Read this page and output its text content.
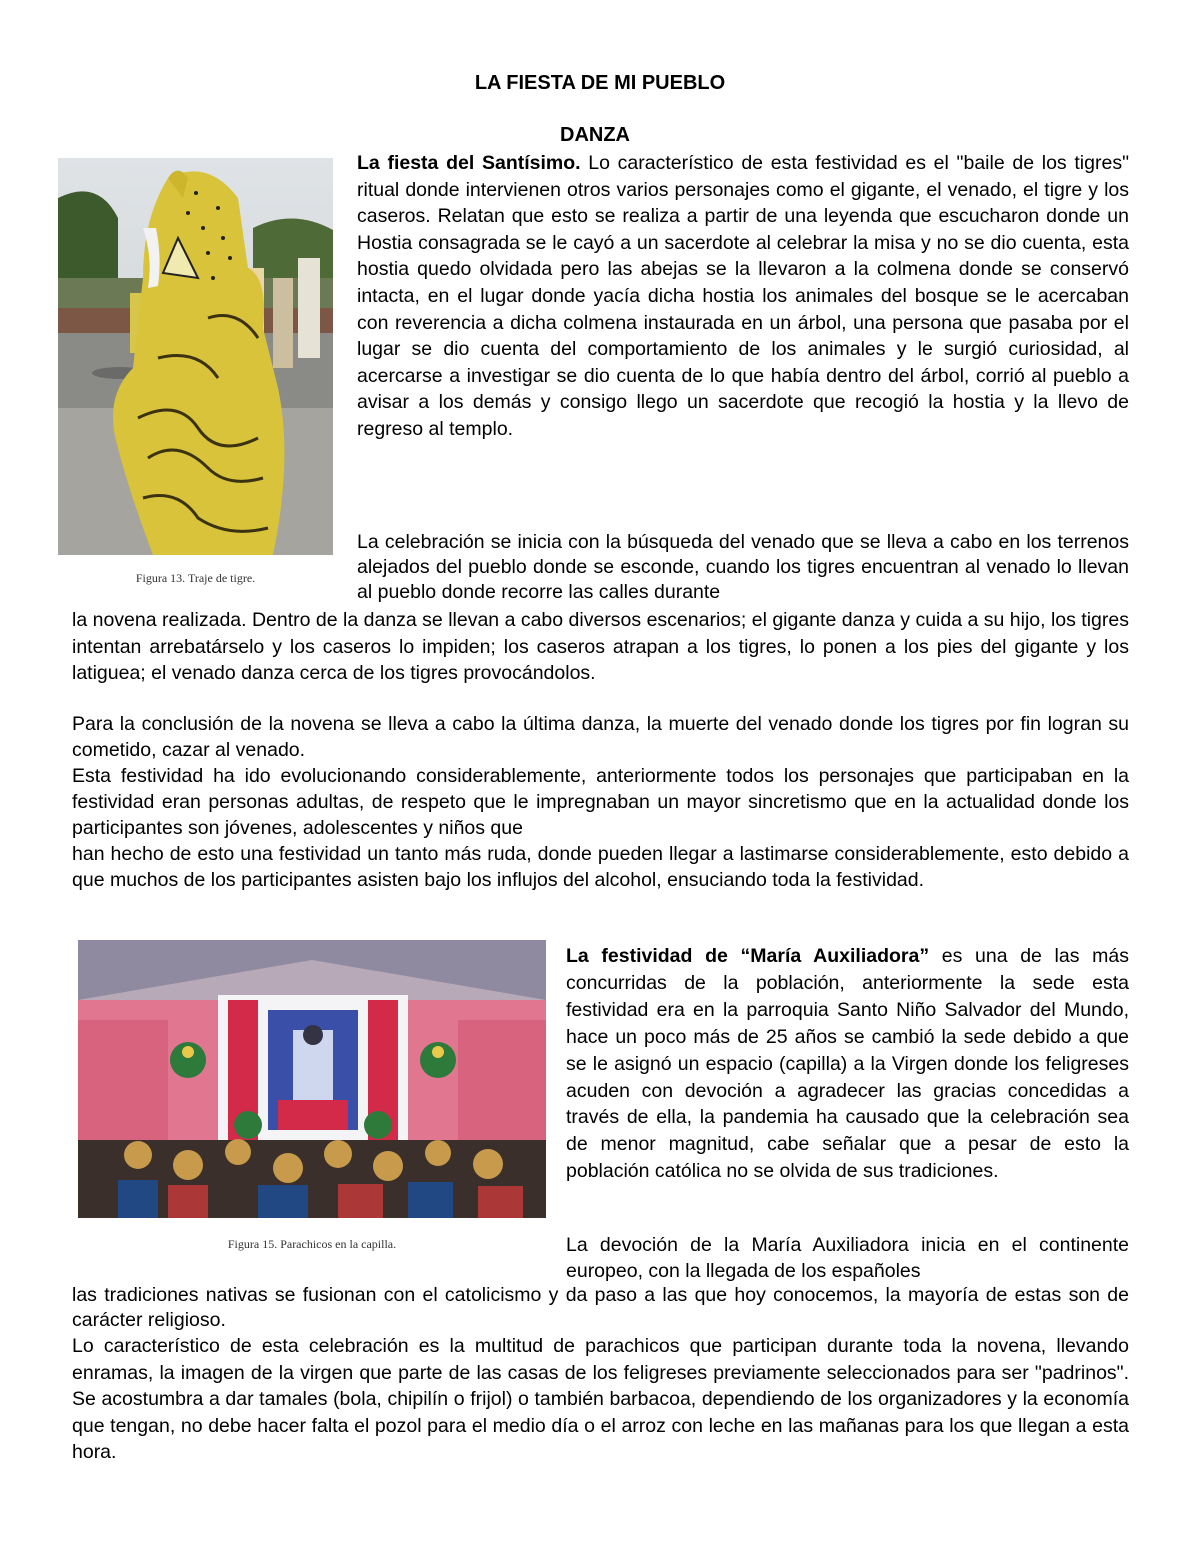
LA FIESTA DE MI PUEBLO
DANZA
Figura 13. Traje de tigre.

La fiesta del Santísimo. Lo característico de esta festividad es el "baile de los tigres" ritual donde intervienen otros varios personajes como el gigante, el venado, el tigre y los caseros. Relatan que esto se realiza a partir de una leyenda que escucharon donde un Hostia consagrada se le cayó a un sacerdote al celebrar la misa y no se dio cuenta, esta hostia quedo olvidada pero las abejas se la llevaron a la colmena donde se conservó intacta, en el lugar donde yacía dicha hostia los animales del bosque se le acercaban con reverencia a dicha colmena instaurada en un árbol, una persona que pasaba por el lugar se dio cuenta del comportamiento de los animales y le surgió curiosidad, al acercarse a investigar se dio cuenta de lo que había dentro del árbol, corrió al pueblo a avisar a los demás y consigo llego un sacerdote que recogió la hostia y la llevo de regreso al templo.

La celebración se inicia con la búsqueda del venado que se lleva a cabo en los terrenos alejados del pueblo donde se esconde, cuando los tigres encuentran al venado lo llevan al pueblo donde recorre las calles durante

la novena realizada. Dentro de la danza se llevan a cabo diversos escenarios; el gigante danza y cuida a su hijo, los tigres intentan arrebatárselo y los caseros lo impiden; los caseros atrapan a los tigres, lo ponen a los pies del gigante y los latiguea; el venado danza cerca de los tigres provocándolos.

Para la conclusión de la novena se lleva a cabo la última danza, la muerte del venado donde los tigres por fin logran su cometido, cazar al venado.

Esta festividad ha ido evolucionando considerablemente, anteriormente todos los personajes que participaban en la festividad eran personas adultas, de respeto que le impregnaban un mayor sincretismo que en la actualidad donde los participantes son jóvenes, adolescentes y niños que

han hecho de esto una festividad un tanto más ruda, donde pueden llegar a lastimarse considerablemente, esto debido a que muchos de los participantes asisten bajo los influjos del alcohol, ensuciando toda la festividad.

Figura 15. Parachicos en la capilla.

La festividad de “María Auxiliadora” es una de las más concurridas de la población, anteriormente la sede esta festividad era en la parroquia Santo Niño Salvador del Mundo, hace un poco más de 25 años se cambió la sede debido a que se le asignó un espacio (capilla) a la Virgen donde los feligreses acuden con devoción a agradecer las gracias concedidas a través de ella, la pandemia ha causado que la celebración sea de menor magnitud, cabe señalar que a pesar de esto la población católica no se olvida de sus tradiciones.

La devoción de la María Auxiliadora inicia en el continente europeo, con la llegada de los españoles

las tradiciones nativas se fusionan con el catolicismo y da paso a las que hoy conocemos, la mayoría de estas son de carácter religioso.

Lo característico de esta celebración es la multitud de parachicos que participan durante toda la novena, llevando enramas, la imagen de la virgen que parte de las casas de los feligreses previamente seleccionados para ser "padrinos". Se acostumbra a dar tamales (bola, chipilín o frijol) o también barbacoa, dependiendo de los organizadores y la economía que tengan, no debe hacer falta el pozol para el medio día o el arroz con leche en las mañanas para los que llegan a esta hora.
